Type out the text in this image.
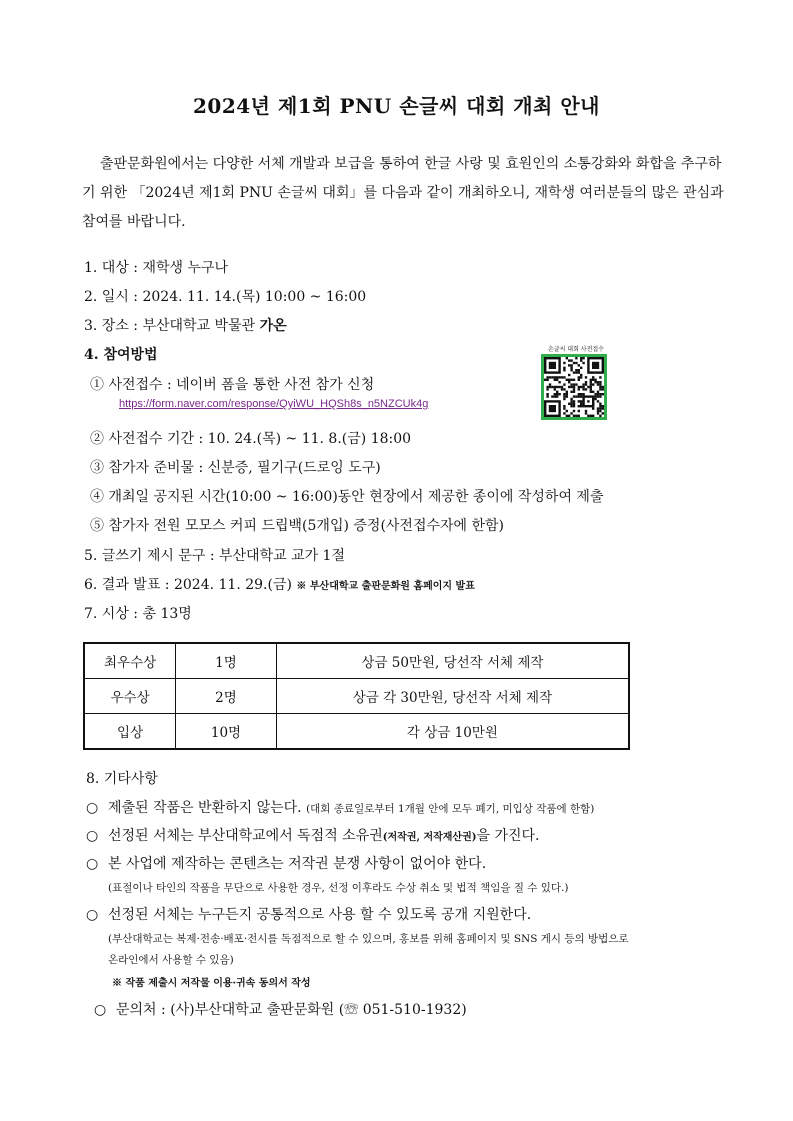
2024년 제1회 PNU 손글씨 대회 개최 안내
출판문화원에서는 다양한 서체 개발과 보급을 통하여 한글 사랑 및 효원인의 소통강화와 화합을 추구하기 위한 「2024년 제1회 PNU 손글씨 대회」를 다음과 같이 개최하오니, 재학생 여러분들의 많은 관심과 참여를 바랍니다.
1. 대상 : 재학생 누구나
2. 일시 : 2024. 11. 14.(목) 10:00 ~ 16:00
3. 장소 : 부산대학교 박물관 가온
4. 참여방법
① 사전접수 : 네이버 폼을 통한 사전 참가 신청
https://form.naver.com/response/QyiWU_HQSh8s_n5NZCUk4g
손글씨 대회 사전접수
② 사전접수 기간 : 10. 24.(목) ~ 11. 8.(금) 18:00
③ 참가자 준비물 : 신분증, 필기구(드로잉 도구)
④ 개최일 공지된 시간(10:00 ~ 16:00)동안 현장에서 제공한 종이에 작성하여 제출
⑤ 참가자 전원 모모스 커피 드립백(5개입) 증정(사전접수자에 한함)
5. 글쓰기 제시 문구 : 부산대학교 교가 1절
6. 결과 발표 : 2024. 11. 29.(금) ※ 부산대학교 출판문화원 홈페이지 발표
7. 시상 : 총 13명
최우수상	1명	상금 50만원, 당선작 서체 제작
우수상	2명	상금 각 30만원, 당선작 서체 제작
입상	10명	각 상금 10만원
8. 기타사항
○ 제출된 작품은 반환하지 않는다. (대회 종료일로부터 1개월 안에 모두 폐기, 미입상 작품에 한함)
○ 선정된 서체는 부산대학교에서 독점적 소유권(저작권, 저작재산권)을 가진다.
○ 본 사업에 제작하는 콘텐츠는 저작권 분쟁 사항이 없어야 한다.
(표절이나 타인의 작품을 무단으로 사용한 경우, 선정 이후라도 수상 취소 및 법적 책임을 질 수 있다.)
○ 선정된 서체는 누구든지 공통적으로 사용 할 수 있도록 공개 지원한다.
(부산대학교는 복제·전송·배포·전시를 독점적으로 할 수 있으며, 홍보를 위해 홈페이지 및 SNS 게시 등의 방법으로
온라인에서 사용할 수 있음)
※ 작품 제출시 저작물 이용·귀속 동의서 작성
○ 문의처 : (사)부산대학교 출판문화원 (☏ 051-510-1932)
